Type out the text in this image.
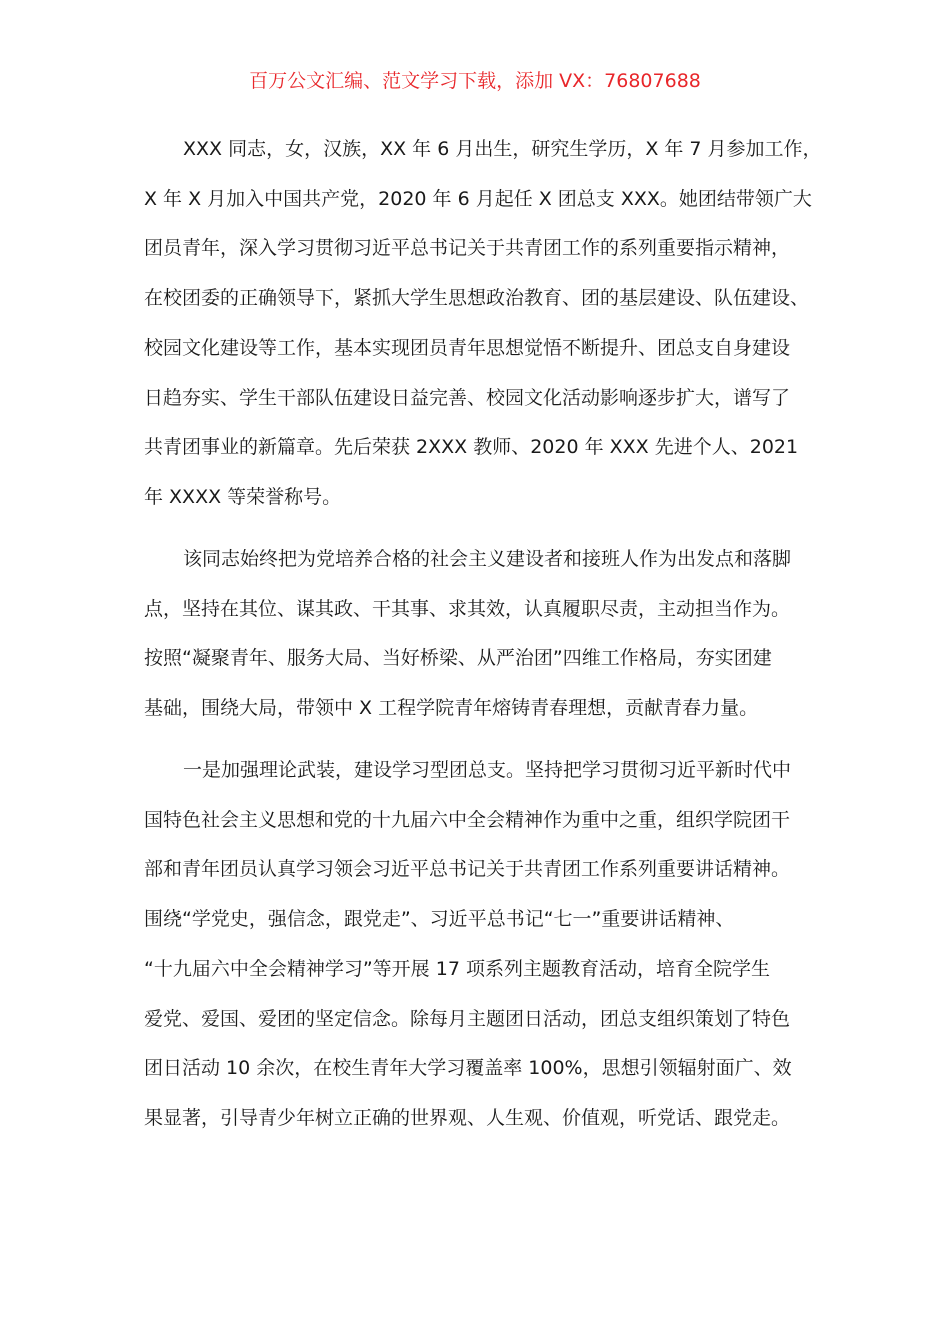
百万公文汇编、范文学习下载，添加 VX：76807688
XXX 同志，女，汉族，XX 年 6 月出生，研究生学历，X 年 7 月参加工作，
X 年 X 月加入中国共产党，2020 年 6 月起任 X 团总支 XXX。她团结带领广大
团员青年，深入学习贯彻习近平总书记关于共青团工作的系列重要指示精神，
在校团委的正确领导下，紧抓大学生思想政治教育、团的基层建设、队伍建设、
校园文化建设等工作，基本实现团员青年思想觉悟不断提升、团总支自身建设
日趋夯实、学生干部队伍建设日益完善、校园文化活动影响逐步扩大，谱写了
共青团事业的新篇章。先后荣获 2XXX 教师、2020 年 XXX 先进个人、2021
年 XXXX 等荣誉称号。
该同志始终把为党培养合格的社会主义建设者和接班人作为出发点和落脚
点，坚持在其位、谋其政、干其事、求其效，认真履职尽责，主动担当作为。
按照“凝聚青年、服务大局、当好桥梁、从严治团”四维工作格局，夯实团建
基础，围绕大局，带领中 X 工程学院青年熔铸青春理想，贡献青春力量。
一是加强理论武装，建设学习型团总支。坚持把学习贯彻习近平新时代中
国特色社会主义思想和党的十九届六中全会精神作为重中之重，组织学院团干
部和青年团员认真学习领会习近平总书记关于共青团工作系列重要讲话精神。
围绕“学党史，强信念，跟党走”、习近平总书记“七一”重要讲话精神、
“十九届六中全会精神学习”等开展 17 项系列主题教育活动，培育全院学生
爱党、爱国、爱团的坚定信念。除每月主题团日活动，团总支组织策划了特色
团日活动 10 余次，在校生青年大学习覆盖率 100%，思想引领辐射面广、效
果显著，引导青少年树立正确的世界观、人生观、价值观，听党话、跟党走。
